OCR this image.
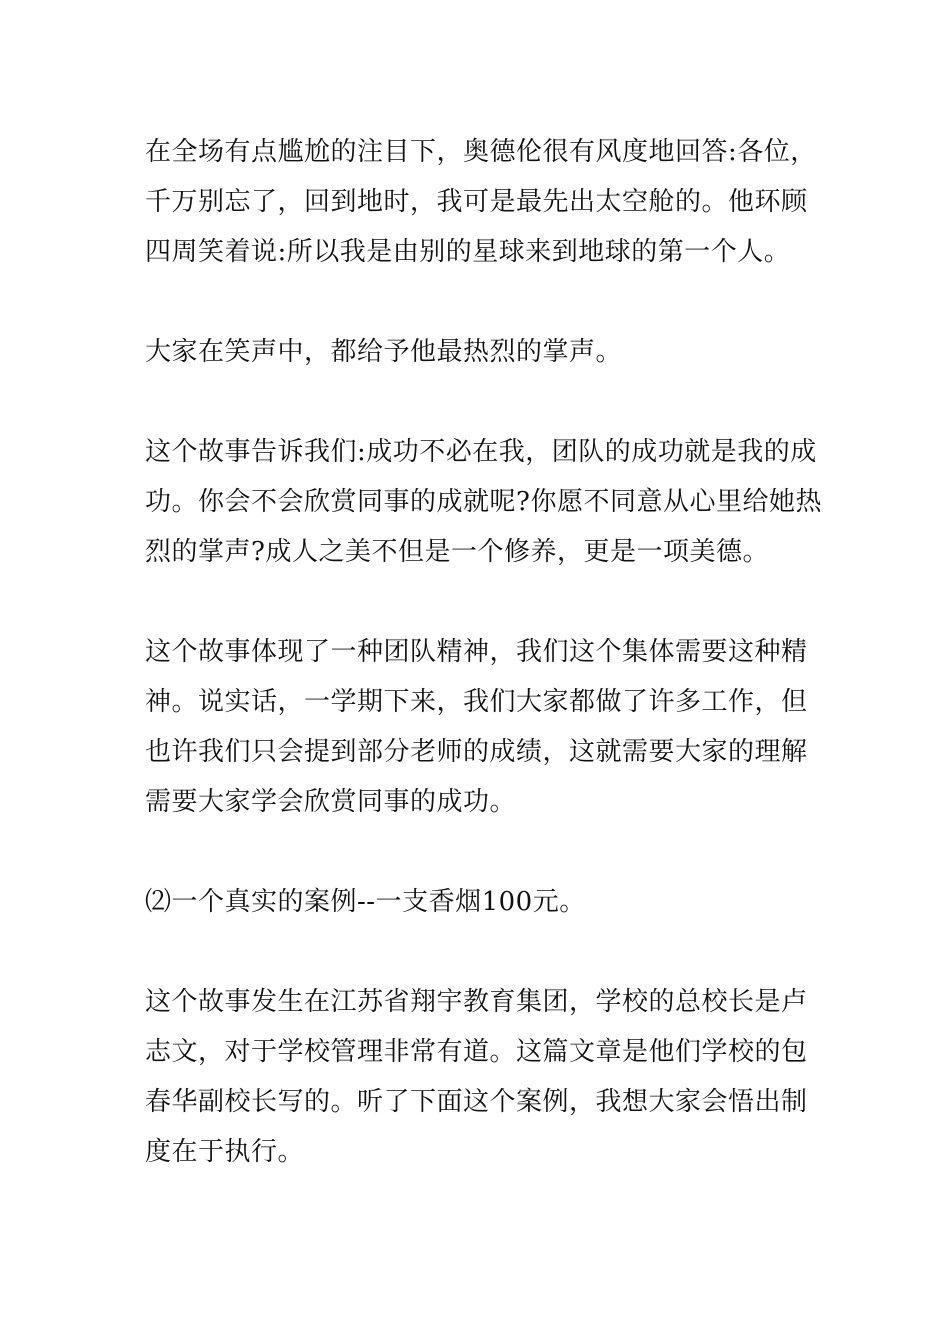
在全场有点尴尬的注目下，奥德伦很有风度地回答:各位，
千万别忘了，回到地时，我可是最先出太空舱的。他环顾
四周笑着说:所以我是由别的星球来到地球的第一个人。

大家在笑声中，都给予他最热烈的掌声。

这个故事告诉我们:成功不必在我，团队的成功就是我的成
功。你会不会欣赏同事的成就呢?你愿不同意从心里给她热
烈的掌声?成人之美不但是一个修养，更是一项美德。

这个故事体现了一种团队精神，我们这个集体需要这种精
神。说实话，一学期下来，我们大家都做了许多工作，但
也许我们只会提到部分老师的成绩，这就需要大家的理解
需要大家学会欣赏同事的成功。

⑵一个真实的案例--一支香烟100元。

这个故事发生在江苏省翔宇教育集团，学校的总校长是卢
志文，对于学校管理非常有道。这篇文章是他们学校的包
春华副校长写的。听了下面这个案例，我想大家会悟出制
度在于执行。
